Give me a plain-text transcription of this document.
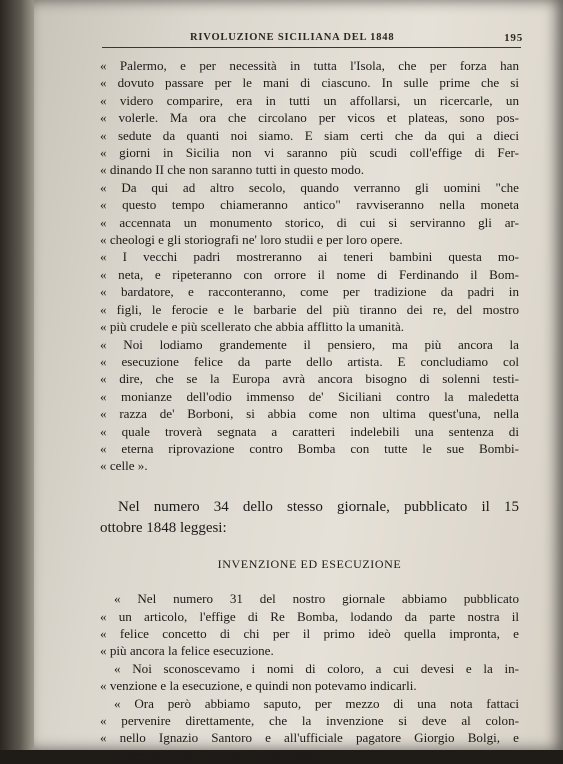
RIVOLUZIONE SICILIANA DEL 1848	195
« Palermo, e per necessità in tutta l'Isola, che per forza han
« dovuto passare per le mani di ciascuno. In sulle prime che si
« videro comparire, era in tutti un affollarsi, un ricercarle, un
« volerle. Ma ora che circolano per vicos et plateas, sono pos-
« sedute da quanti noi siamo. E siam certi che da qui a dieci
« giorni in Sicilia non vi saranno più scudi coll'effige di Fer-
« dinando II che non saranno tutti in questo modo.
« Da qui ad altro secolo, quando verranno gli uomini "che
« questo tempo chiameranno antico" ravviseranno nella moneta
« accennata un monumento storico, di cui si serviranno gli ar-
« cheologi e gli storiografi ne' loro studii e per loro opere.
« I vecchi padri mostreranno ai teneri bambini questa mo-
« neta, e ripeteranno con orrore il nome di Ferdinando il Bom-
« bardatore, e racconteranno, come per tradizione da padri in
« figli, le ferocie e le barbarie del più tiranno dei re, del mostro
« più crudele e più scellerato che abbia afflitto la umanità.
« Noi lodiamo grandemente il pensiero, ma più ancora la
« esecuzione felice da parte dello artista. E concludiamo col
« dire, che se la Europa avrà ancora bisogno di solenni testi-
« monianze dell'odio immenso de' Siciliani contro la maledetta
« razza de' Borboni, si abbia come non ultima quest'una, nella
« quale troverà segnata a caratteri indelebili una sentenza di
« eterna riprovazione contro Bomba con tutte le sue Bombi-
« celle ».
Nel numero 34 dello stesso giornale, pubblicato il 15
ottobre 1848 leggesi:
INVENZIONE ED ESECUZIONE
« Nel numero 31 del nostro giornale abbiamo pubblicato
« un articolo, l'effige di Re Bomba, lodando da parte nostra il
« felice concetto di chi per il primo ideò quella impronta, e
« più ancora la felice esecuzione.
« Noi sconoscevamo i nomi di coloro, a cui devesi e la in-
« venzione e la esecuzione, e quindi non potevamo indicarli.
« Ora però abbiamo saputo, per mezzo di una nota fattaci
« pervenire direttamente, che la invenzione si deve al colon-
« nello Ignazio Santoro e all'ufficiale pagatore Giorgio Bolgi, e
« la esecuzione al capitano Gaetano Barrile.
